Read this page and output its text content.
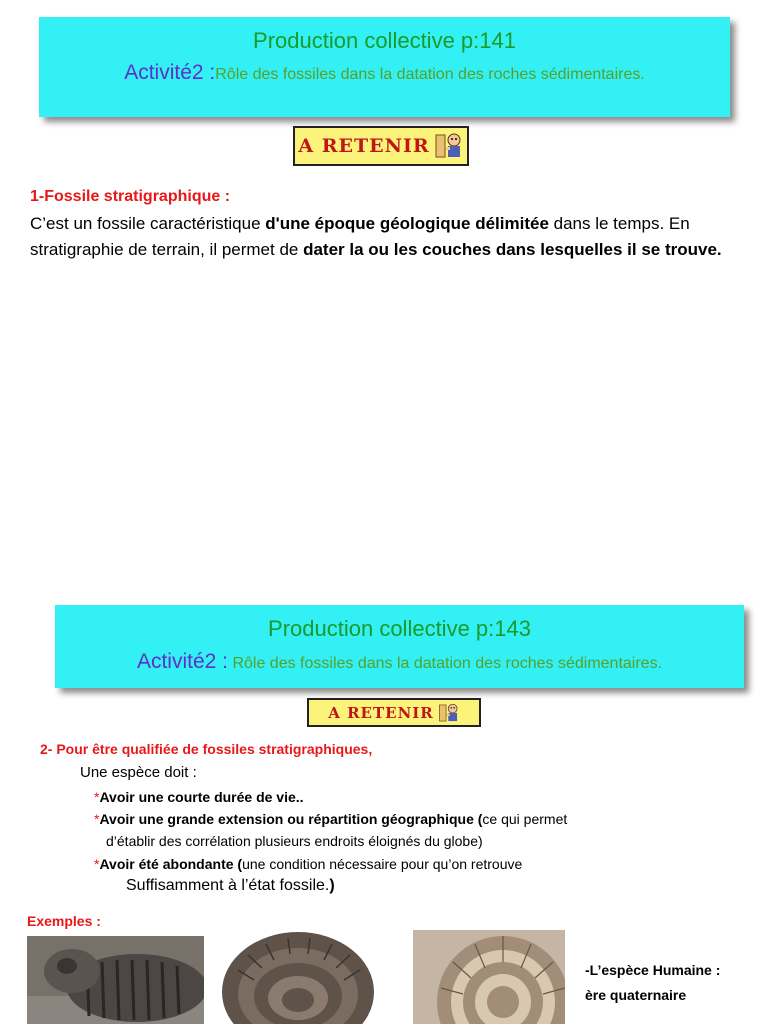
Production collective p:141
Activité2 :Rôle des fossiles dans la datation des roches sédimentaires.
A RETENIR
1-Fossile stratigraphique :
C’est un fossile caractéristique d'une époque géologique délimitée dans le temps. En stratigraphie de terrain, il permet de dater la ou les couches dans lesquelles il se trouve.
Production collective p:143
Activité2 : Rôle des fossiles dans la datation des roches sédimentaires.
A RETENIR
2- Pour être qualifiée de fossiles stratigraphiques,
Une espèce doit :
*Avoir une courte durée de vie..
*Avoir une grande extension ou répartition géographique (ce qui permet
d’établir des corrélation plusieurs endroits éloignés du globe)
*Avoir été abondante (une condition nécessaire pour qu’on retrouve
Suffisamment à l’état fossile.)
Exemples :
-L’espèce Humaine :
ère quaternaire
